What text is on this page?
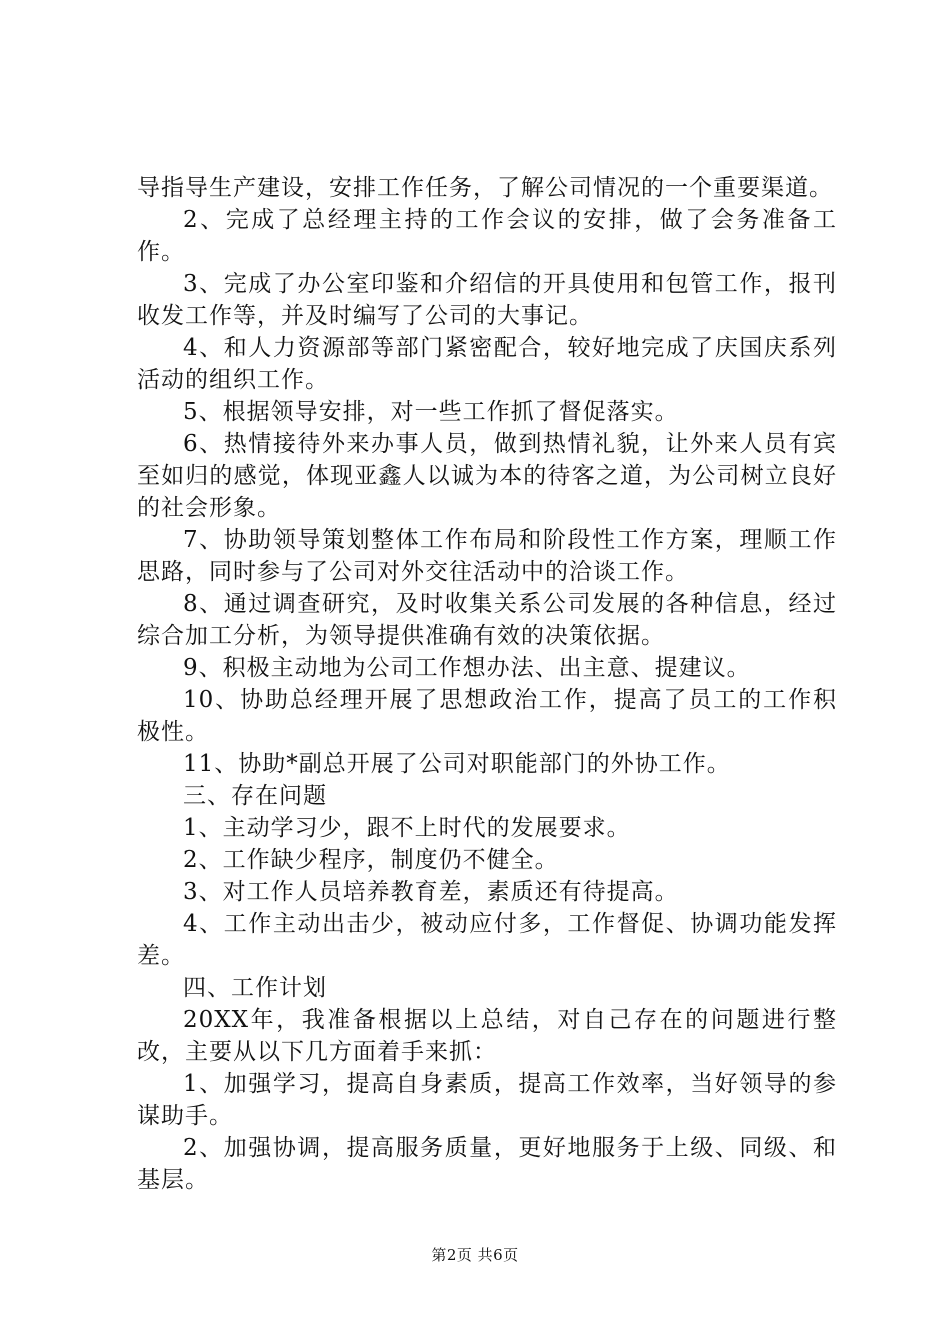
导指导生产建设，安排工作任务，了解公司情况的一个重要渠道。

2、完成了总经理主持的工作会议的安排，做了会务准备工作。

3、完成了办公室印鉴和介绍信的开具使用和包管工作，报刊收发工作等，并及时编写了公司的大事记。

4、和人力资源部等部门紧密配合，较好地完成了庆国庆系列活动的组织工作。

5、根据领导安排，对一些工作抓了督促落实。

6、热情接待外来办事人员，做到热情礼貌，让外来人员有宾至如归的感觉，体现亚鑫人以诚为本的待客之道，为公司树立良好的社会形象。

7、协助领导策划整体工作布局和阶段性工作方案，理顺工作思路，同时参与了公司对外交往活动中的洽谈工作。

8、通过调查研究，及时收集关系公司发展的各种信息，经过综合加工分析，为领导提供准确有效的决策依据。

9、积极主动地为公司工作想办法、出主意、提建议。

10、协助总经理开展了思想政治工作，提高了员工的工作积极性。

11、协助*副总开展了公司对职能部门的外协工作。

三、存在问题

1、主动学习少，跟不上时代的发展要求。

2、工作缺少程序，制度仍不健全。

3、对工作人员培养教育差，素质还有待提高。

4、工作主动出击少，被动应付多，工作督促、协调功能发挥差。

四、工作计划

20XX年，我准备根据以上总结，对自己存在的问题进行整改，主要从以下几方面着手来抓：

1、加强学习，提高自身素质，提高工作效率，当好领导的参谋助手。

2、加强协调，提高服务质量，更好地服务于上级、同级、和基层。

第2页 共6页
